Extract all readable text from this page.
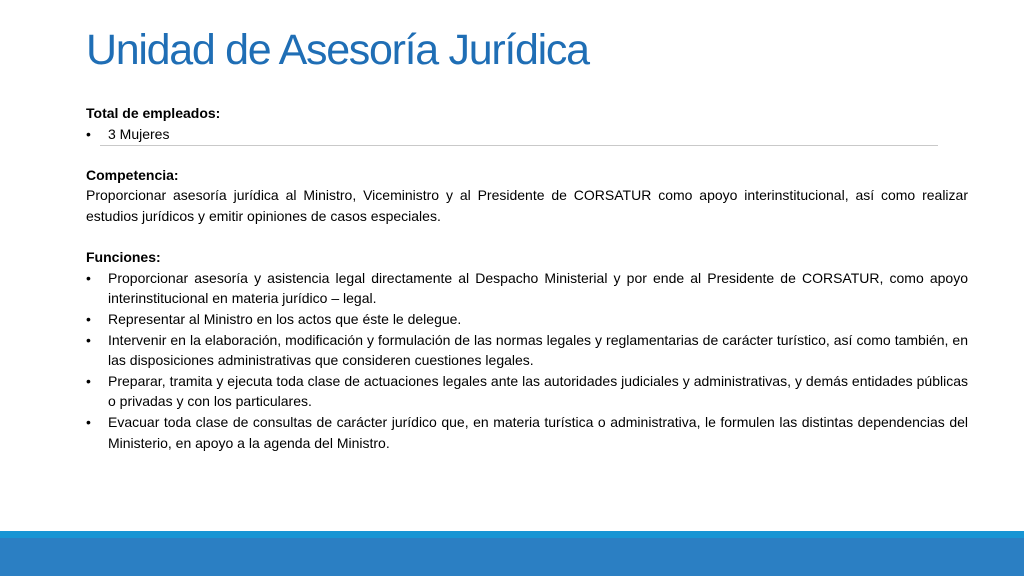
Unidad de Asesoría Jurídica

Total de empleados:

• 3 Mujeres

Competencia:

Proporcionar asesoría jurídica al Ministro, Viceministro y al Presidente de CORSATUR como apoyo interinstitucional, así como realizar estudios jurídicos y emitir opiniones de casos especiales.

Funciones:

• Proporcionar asesoría y asistencia legal directamente al Despacho Ministerial y por ende al Presidente de CORSATUR, como apoyo interinstitucional en materia jurídico – legal.
• Representar al Ministro en los actos que éste le delegue.
• Intervenir en la elaboración, modificación y formulación de las normas legales y reglamentarias de carácter turístico, así como también, en las disposiciones administrativas que consideren cuestiones legales.
• Preparar, tramita y ejecuta toda clase de actuaciones legales ante las autoridades judiciales y administrativas, y demás entidades públicas o privadas y con los particulares.
• Evacuar toda clase de consultas de carácter jurídico que, en materia turística o administrativa, le formulen las distintas dependencias del Ministerio, en apoyo a la agenda del Ministro.
